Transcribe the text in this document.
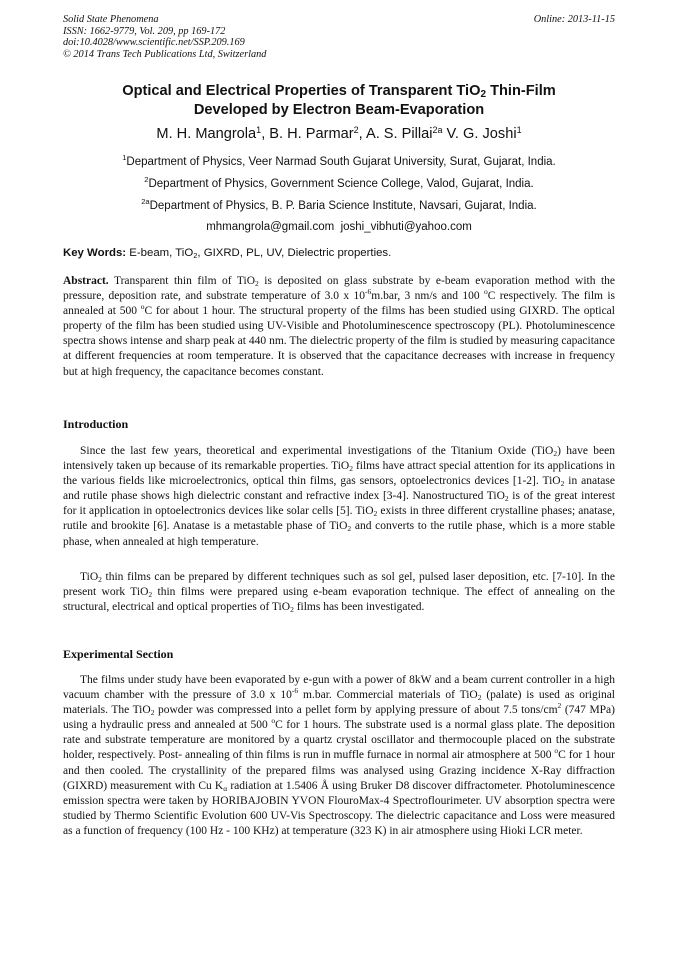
Solid State Phenomena
ISSN: 1662-9779, Vol. 209, pp 169-172
doi:10.4028/www.scientific.net/SSP.209.169
© 2014 Trans Tech Publications Ltd, Switzerland
Online: 2013-11-15
Optical and Electrical Properties of Transparent TiO$_2$ Thin-Film
Developed by Electron Beam-Evaporation
M. H. Mangrola$^1$, B. H. Parmar$^2$, A. S. Pillai$^{2a}$ V. G. Joshi$^1$
$^1$Department of Physics, Veer Narmad South Gujarat University, Surat, Gujarat, India.
$^2$Department of Physics, Government Science College, Valod, Gujarat, India.
$^{2a}$Department of Physics, B. P. Baria Science Institute, Navsari, Gujarat, India.
mhmangrola@gmail.com  joshi_vibhuti@yahoo.com
Key Words: E-beam, TiO$_2$, GIXRD, PL, UV, Dielectric properties.
Abstract. Transparent thin film of TiO$_2$ is deposited on glass substrate by e-beam evaporation method with the pressure, deposition rate, and substrate temperature of 3.0 x $10^{-6}m.bar$, 3 nm/s and 100 $^o$C respectively. The film is annealed at 500 $^o$C for about 1 hour. The structural property of the films has been studied using GIXRD. The optical property of the film has been studied using UV-Visible and Photoluminescence spectroscopy (PL). Photoluminescence spectra shows intense and sharp peak at 440 nm. The dielectric property of the film is studied by measuring capacitance at different frequencies at room temperature. It is observed that the capacitance decreases with increase in frequency but at high frequency, the capacitance becomes constant.
Introduction
Since the last few years, theoretical and experimental investigations of the Titanium Oxide (TiO$_2$) have been intensively taken up because of its remarkable properties. TiO$_2$ films have attract special attention for its applications in the various fields like microelectronics, optical thin films, gas sensors, optoelectronics devices [1-2]. TiO$_2$ in anatase and rutile phase shows high dielectric constant and refractive index [3-4]. Nanostructured TiO$_2$ is of the great interest for it application in optoelectronics devices like solar cells [5]. TiO$_2$ exists in three different crystalline phases; anatase, rutile and brookite [6]. Anatase is a metastable phase of TiO$_2$ and converts to the rutile phase, which is a more stable phase, when annealed at high temperature.
TiO$_2$ thin films can be prepared by different techniques such as sol gel, pulsed laser deposition, etc. [7-10]. In the present work TiO$_2$ thin films were prepared using e-beam evaporation technique. The effect of annealing on the structural, electrical and optical properties of TiO$_2$ films has been investigated.
Experimental Section
The films under study have been evaporated by e-gun with a power of 8kW and a beam current controller in a high vacuum chamber with the pressure of 3.0 x $10^{-6}$ m.bar. Commercial materials of TiO$_2$ (palate) is used as original materials. The TiO$_2$ powder was compressed into a pellet form by applying pressure of about 7.5 tons/$cm^2$ (747 MPa) using a hydraulic press and annealed at 500 $^o$C for 1 hours. The substrate used is a normal glass plate. The deposition rate and substrate temperature are monitored by a quartz crystal oscillator and thermocouple placed on the substrate holder, respectively. Post- annealing of thin films is run in muffle furnace in normal air atmosphere at 500 $^o$C for 1 hour and then cooled. The crystallinity of the prepared films was analysed using Grazing incidence X-Ray diffraction (GIXRD) measurement with Cu $K_\alpha$ radiation at 1.5406 Å using Bruker D8 discover diffractometer. Photoluminescence emission spectra were taken by HORIBAJOBIN YVON FlouroMax-4 Spectroflourimeter. UV absorption spectra were studied by Thermo Scientific Evolution 600 UV-Vis Spectroscopy. The dielectric capacitance and Loss were measured as a function of frequency (100 Hz - 100 KHz) at temperature (323 K) in air atmosphere using Hioki LCR meter.
